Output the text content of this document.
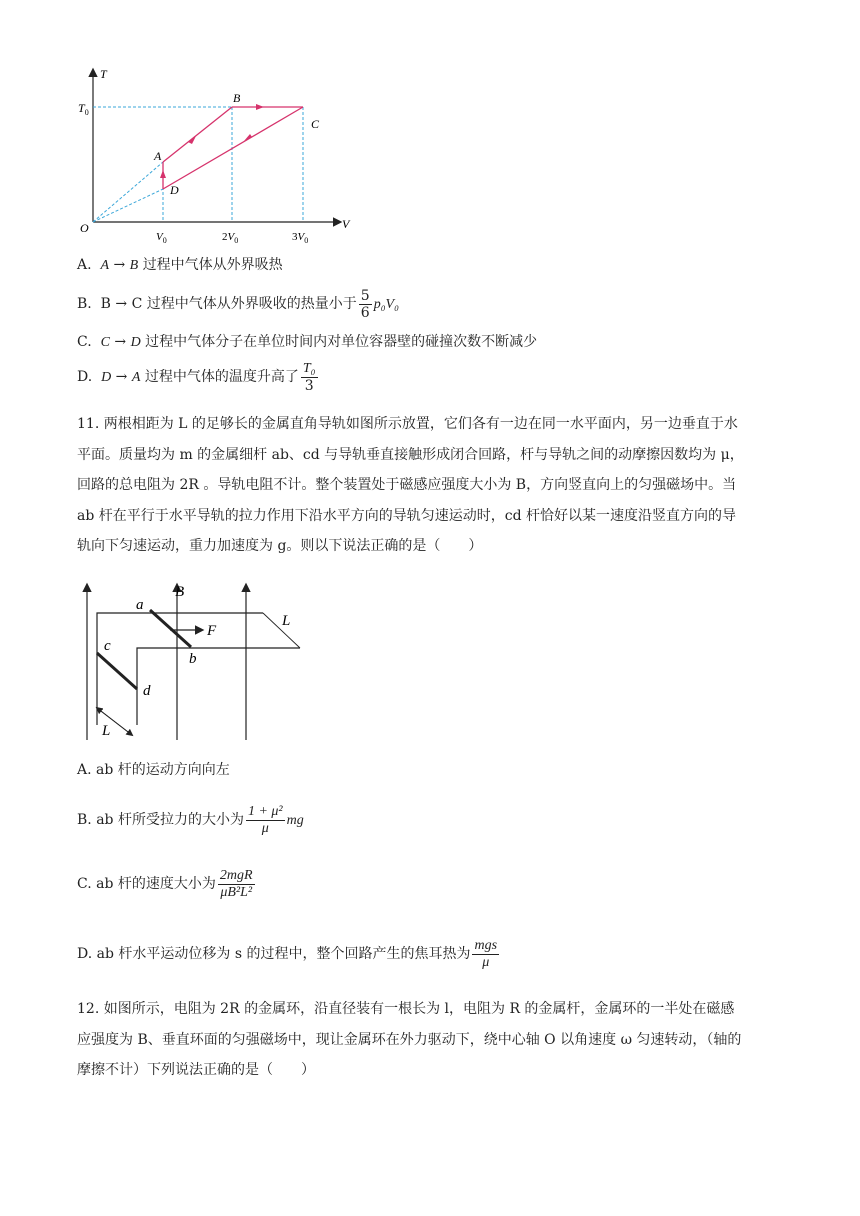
T
V
O
$T_0$
A
B
C
D
$V_0$	$2V_0$	$3V_0$
A. A → B 过程中气体从外界吸热
B. B → C 过程中气体从外界吸收的热量小于 $\frac{5}{6} p_0V_0$
C. C → D 过程中气体分子在单位时间内对单位容器壁的碰撞次数不断减少
D. D → A 过程中气体的温度升高了 $\frac{\text{T₀}}{3}$
11. 两根相距为 L 的足够长的金属直角导轨如图所示放置，它们各有一边在同一水平面内，另一边垂直于水
平面。质量均为 m 的金属细杆 ab、cd 与导轨垂直接触形成闭合回路，杆与导轨之间的动摩擦因数均为 μ，
回路的总电阻为 2R 。导轨电阻不计。整个装置处于磁感应强度大小为 B，方向竖直向上的匀强磁场中。当
ab 杆在平行于水平导轨的拉力作用下沿水平方向的导轨匀速运动时，cd 杆恰好以某一速度沿竖直方向的导
轨向下匀速运动，重力加速度为 g。则以下说法正确的是（　　）
B
a
b
c
d
F
L
L
A. ab 杆的运动方向向左
B. ab 杆所受拉力的大小为 $\frac{\text{1 + μ²}}{\mu}$ mg
C. ab 杆的速度大小为 $\frac{\text{2mgR}}{\text{μB²L²}}$
D. ab 杆水平运动位移为 s 的过程中，整个回路产生的焦耳热为 $\frac{\text{mgs}}{\mu}$
12. 如图所示，电阻为 2R 的金属环，沿直径装有一根长为 l，电阻为 R 的金属杆，金属环的一半处在磁感
应强度为 B、垂直环面的匀强磁场中，现让金属环在外力驱动下，绕中心轴 O 以角速度 ω 匀速转动，（轴的
摩擦不计）下列说法正确的是（　　）
